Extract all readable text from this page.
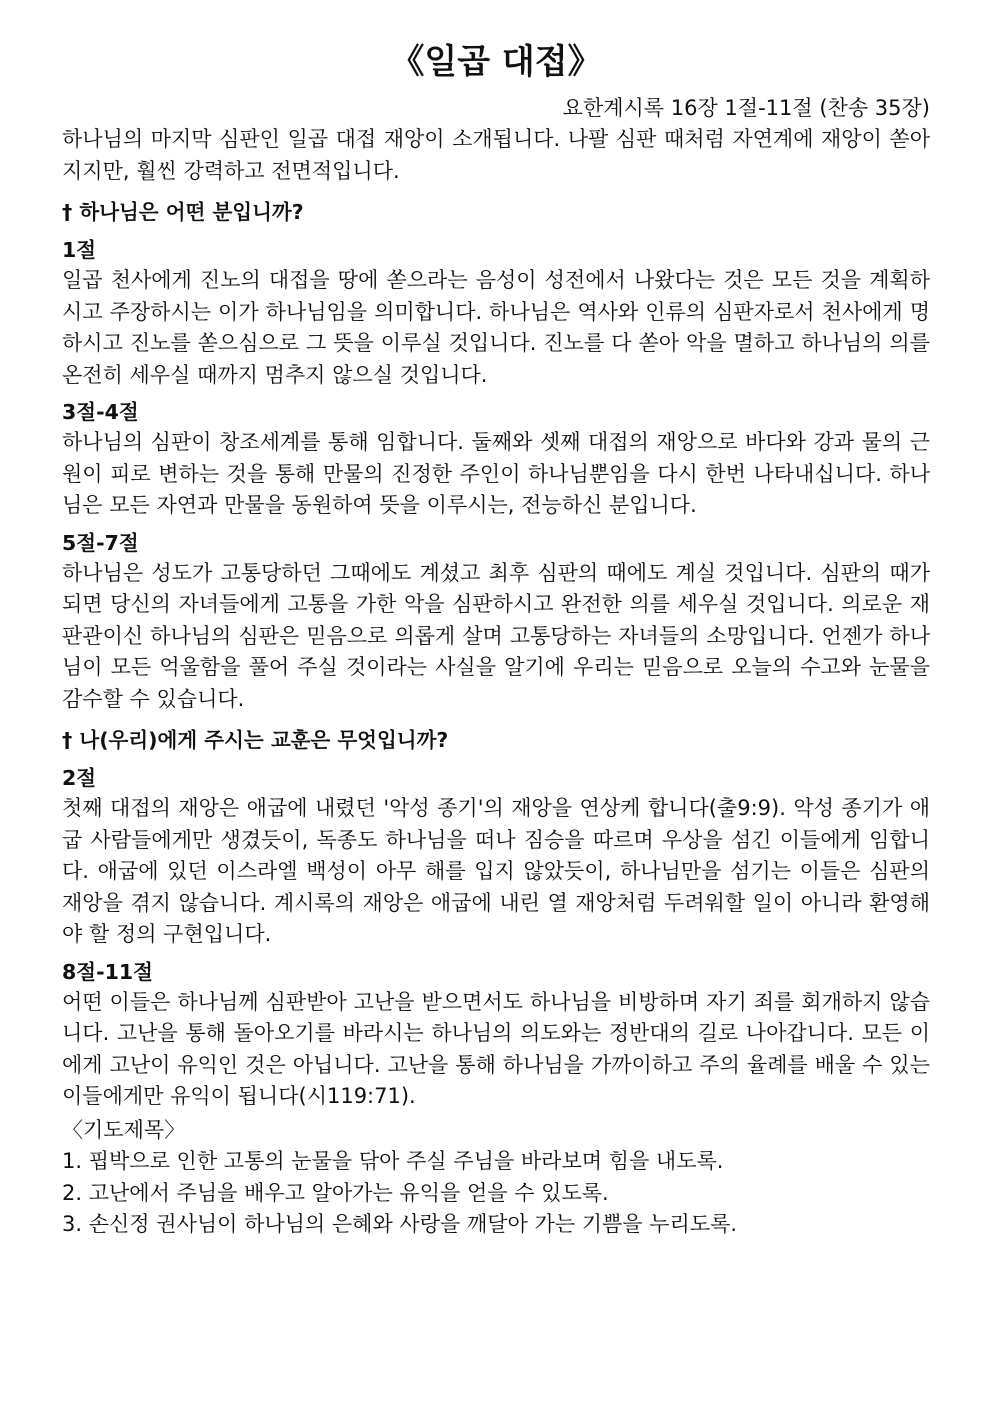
《일곱 대접》

요한계시록 16장 1절-11절 (찬송 35장)

하나님의 마지막 심판인 일곱 대접 재앙이 소개됩니다. 나팔 심판 때처럼 자연계에 재앙이 쏟아지지만, 훨씬 강력하고 전면적입니다.

† 하나님은 어떤 분입니까?

1절

일곱 천사에게 진노의 대접을 땅에 쏟으라는 음성이 성전에서 나왔다는 것은 모든 것을 계획하시고 주장하시는 이가 하나님임을 의미합니다. 하나님은 역사와 인류의 심판자로서 천사에게 명하시고 진노를 쏟으심으로 그 뜻을 이루실 것입니다. 진노를 다 쏟아 악을 멸하고 하나님의 의를 온전히 세우실 때까지 멈추지 않으실 것입니다.

3절-4절

하나님의 심판이 창조세계를 통해 임합니다. 둘째와 셋째 대접의 재앙으로 바다와 강과 물의 근원이 피로 변하는 것을 통해 만물의 진정한 주인이 하나님뿐임을 다시 한번 나타내십니다. 하나님은 모든 자연과 만물을 동원하여 뜻을 이루시는, 전능하신 분입니다.

5절-7절

하나님은 성도가 고통당하던 그때에도 계셨고 최후 심판의 때에도 계실 것입니다. 심판의 때가 되면 당신의 자녀들에게 고통을 가한 악을 심판하시고 완전한 의를 세우실 것입니다. 의로운 재판관이신 하나님의 심판은 믿음으로 의롭게 살며 고통당하는 자녀들의 소망입니다. 언젠가 하나님이 모든 억울함을 풀어 주실 것이라는 사실을 알기에 우리는 믿음으로 오늘의 수고와 눈물을 감수할 수 있습니다.

† 나(우리)에게 주시는 교훈은 무엇입니까?

2절

첫째 대접의 재앙은 애굽에 내렸던 '악성 종기'의 재앙을 연상케 합니다(출9:9). 악성 종기가 애굽 사람들에게만 생겼듯이, 독종도 하나님을 떠나 짐승을 따르며 우상을 섬긴 이들에게 임합니다. 애굽에 있던 이스라엘 백성이 아무 해를 입지 않았듯이, 하나님만을 섬기는 이들은 심판의 재앙을 겪지 않습니다. 계시록의 재앙은 애굽에 내린 열 재앙처럼 두려워할 일이 아니라 환영해야 할 정의 구현입니다.

8절-11절

어떤 이들은 하나님께 심판받아 고난을 받으면서도 하나님을 비방하며 자기 죄를 회개하지 않습니다. 고난을 통해 돌아오기를 바라시는 하나님의 의도와는 정반대의 길로 나아갑니다. 모든 이에게 고난이 유익인 것은 아닙니다. 고난을 통해 하나님을 가까이하고 주의 율례를 배울 수 있는 이들에게만 유익이 됩니다(시119:71).

〈기도제목〉

1. 핍박으로 인한 고통의 눈물을 닦아 주실 주님을 바라보며 힘을 내도록.

2. 고난에서 주님을 배우고 알아가는 유익을 얻을 수 있도록.

3. 손신정 권사님이 하나님의 은혜와 사랑을 깨달아 가는 기쁨을 누리도록.
